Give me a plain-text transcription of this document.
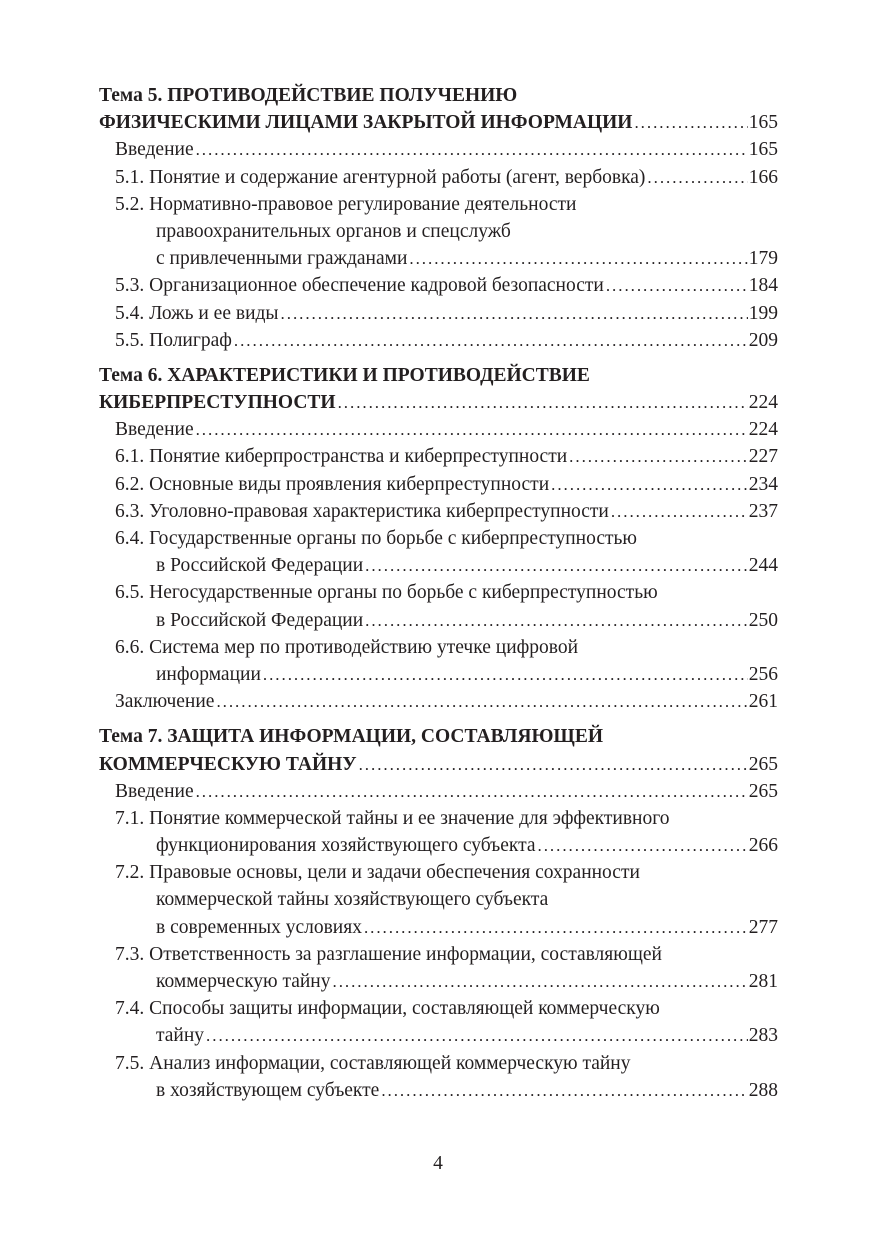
Тема 5. ПРОТИВОДЕЙСТВИЕ ПОЛУЧЕНИЮ
ФИЗИЧЕСКИМИ ЛИЦАМИ ЗАКРЫТОЙ ИНФОРМАЦИИ . . .	165
Введение . . .	165
5.1. Понятие и содержание агентурной работы (агент, вербовка) . . .	166
5.2. Нормативно-правовое регулирование деятельности
правоохранительных органов и спецслужб
с привлеченными гражданами . . .	179
5.3. Организационное обеспечение кадровой безопасности . . .	184
5.4. Ложь и ее виды . . .	199
5.5. Полиграф . . .	209
Тема 6. ХАРАКТЕРИСТИКИ И ПРОТИВОДЕЙСТВИЕ
КИБЕРПРЕСТУПНОСТИ . . .	224
Введение . . .	224
6.1. Понятие киберпространства и киберпреступности . . .	227
6.2. Основные виды проявления киберпреступности . . .	234
6.3. Уголовно-правовая характеристика киберпреступности . . .	237
6.4. Государственные органы по борьбе с киберпреступностью
в Российской Федерации . . .	244
6.5. Негосударственные органы по борьбе с киберпреступностью
в Российской Федерации . . .	250
6.6. Система мер по противодействию утечке цифровой
информации . . .	256
Заключение . . .	261
Тема 7. ЗАЩИТА ИНФОРМАЦИИ, СОСТАВЛЯЮЩЕЙ
КОММЕРЧЕСКУЮ ТАЙНУ . . .	265
Введение . . .	265
7.1. Понятие коммерческой тайны и ее значение для эффективного
функционирования хозяйствующего субъекта . . .	266
7.2. Правовые основы, цели и задачи обеспечения сохранности
коммерческой тайны хозяйствующего субъекта
в современных условиях . . .	277
7.3. Ответственность за разглашение информации, составляющей
коммерческую тайну . . .	281
7.4. Способы защиты информации, составляющей коммерческую
тайну . . .	283
7.5. Анализ информации, составляющей коммерческую тайну
в хозяйствующем субъекте . . .	288
4
